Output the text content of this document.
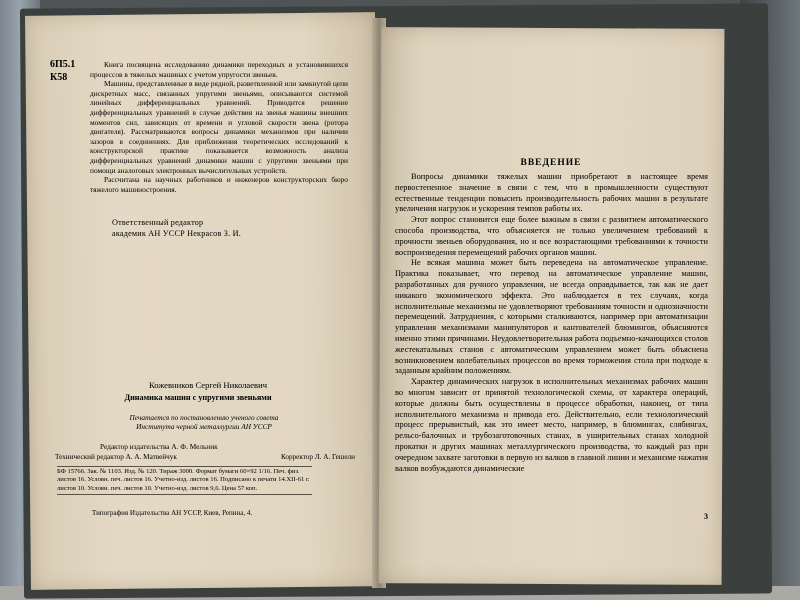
6П5.1
К58

Книга посвящена исследованию динамики переходных и установившихся процессов в тяжелых машинах с учетом упругости звеньев.

Машины, представленные в виде рядной, разветвленной или замкнутой цепи дискретных масс, связанных упругими звеньями, описываются системой линейных дифференциальных уравнений. Приводится решение дифференциальных уравнений в случае действия на звенья машины внешних моментов сил, зависящих от времени и угловой скорости звена (ротора двигателя). Рассматриваются вопросы динамики механизмов при наличии зазоров в соединениях. Для приближения теоретических исследований к конструкторской практике показывается возможность анализа дифференциальных уравнений динамики машин с упругими звеньями при помощи аналоговых электронных вычислительных устройств.

Рассчитана на научных работников и инженеров конструкторских бюро тяжелого машиностроения.

Ответственный редактор
академик АН УССР Некрасов З. И.
Кожевников Сергей Николаевич
Динамика машин с упругими звеньями
Печатается по постановлению ученого совета Института черной металлургии АН УССР
Редактор издательства А. Ф. Мельник
Технический редактор А. А. Матвейчук	Корректор Л. А. Гешели
БФ 15766. Зак. № 1103. Изд. № 120. Тираж 3000. Формат бумаги 60×92 1/16. Печ. физ.
листов 16. Условн. печ. листов 16. Учетно-изд. листов 16. Подписано к печати 14.XII-61 г.
листов 10. Условн. печ. листов 10. Учетно-изд. листов 9,6. Цена 57 коп.
Типография Издательства АН УССР, Киев, Репина, 4.
ВВЕДЕНИЕ

Вопросы динамики тяжелых машин приобретают в настоящее время первостепенное значение в связи с тем, что в промышленности существуют естественные тенденции повысить производительность рабочих машин в результате увеличения нагрузок и ускорения темпов работы их.

Этот вопрос становится еще более важным в связи с развитием автоматического способа производства, что объясняется не только увеличением требований к прочности звеньев оборудования, но и все возрастающими требованиями к точности воспроизведения перемещений рабочих органов машин.

Не всякая машина может быть переведена на автоматическое управление. Практика показывает, что перевод на автоматическое управление машин, разработанных для ручного управления, не всегда оправдывается, так как не дает никакого экономического эффекта. Это наблюдается в тех случаях, когда исполнительные механизмы не удовлетворяют требованиям точности и однозначности перемещений. Затруднения, с которыми сталкиваются, например при автоматизации управления механизмами манипуляторов и кантователей блюмингов, объясняются именно этими причинами. Неудовлетворительная работа подъемно-качающихся столов жестекатальных станов с автоматическим управлением может быть объяснена возникновением колебательных процессов во время торможения стола при подходе к заданным крайним положениям.

Характер динамических нагрузок в исполнительных механизмах рабочих машин во многом зависит от принятой технологической схемы, от характера операций, которые должны быть осуществлены в процессе обработки, наконец, от типа исполнительного механизма и привода его. Действительно, если технологический процесс прерывистый, как это имеет место, например, в блюмингах, слябингах, рельсо-балочных и трубозаготовочных станах, в уширительных станах холодной прокатки и других машинах металлургического производства, то каждый раз при очередном захвате заготовки в первую из валков в главной линии и механизме нажатия валков возбуждаются динамические

3
